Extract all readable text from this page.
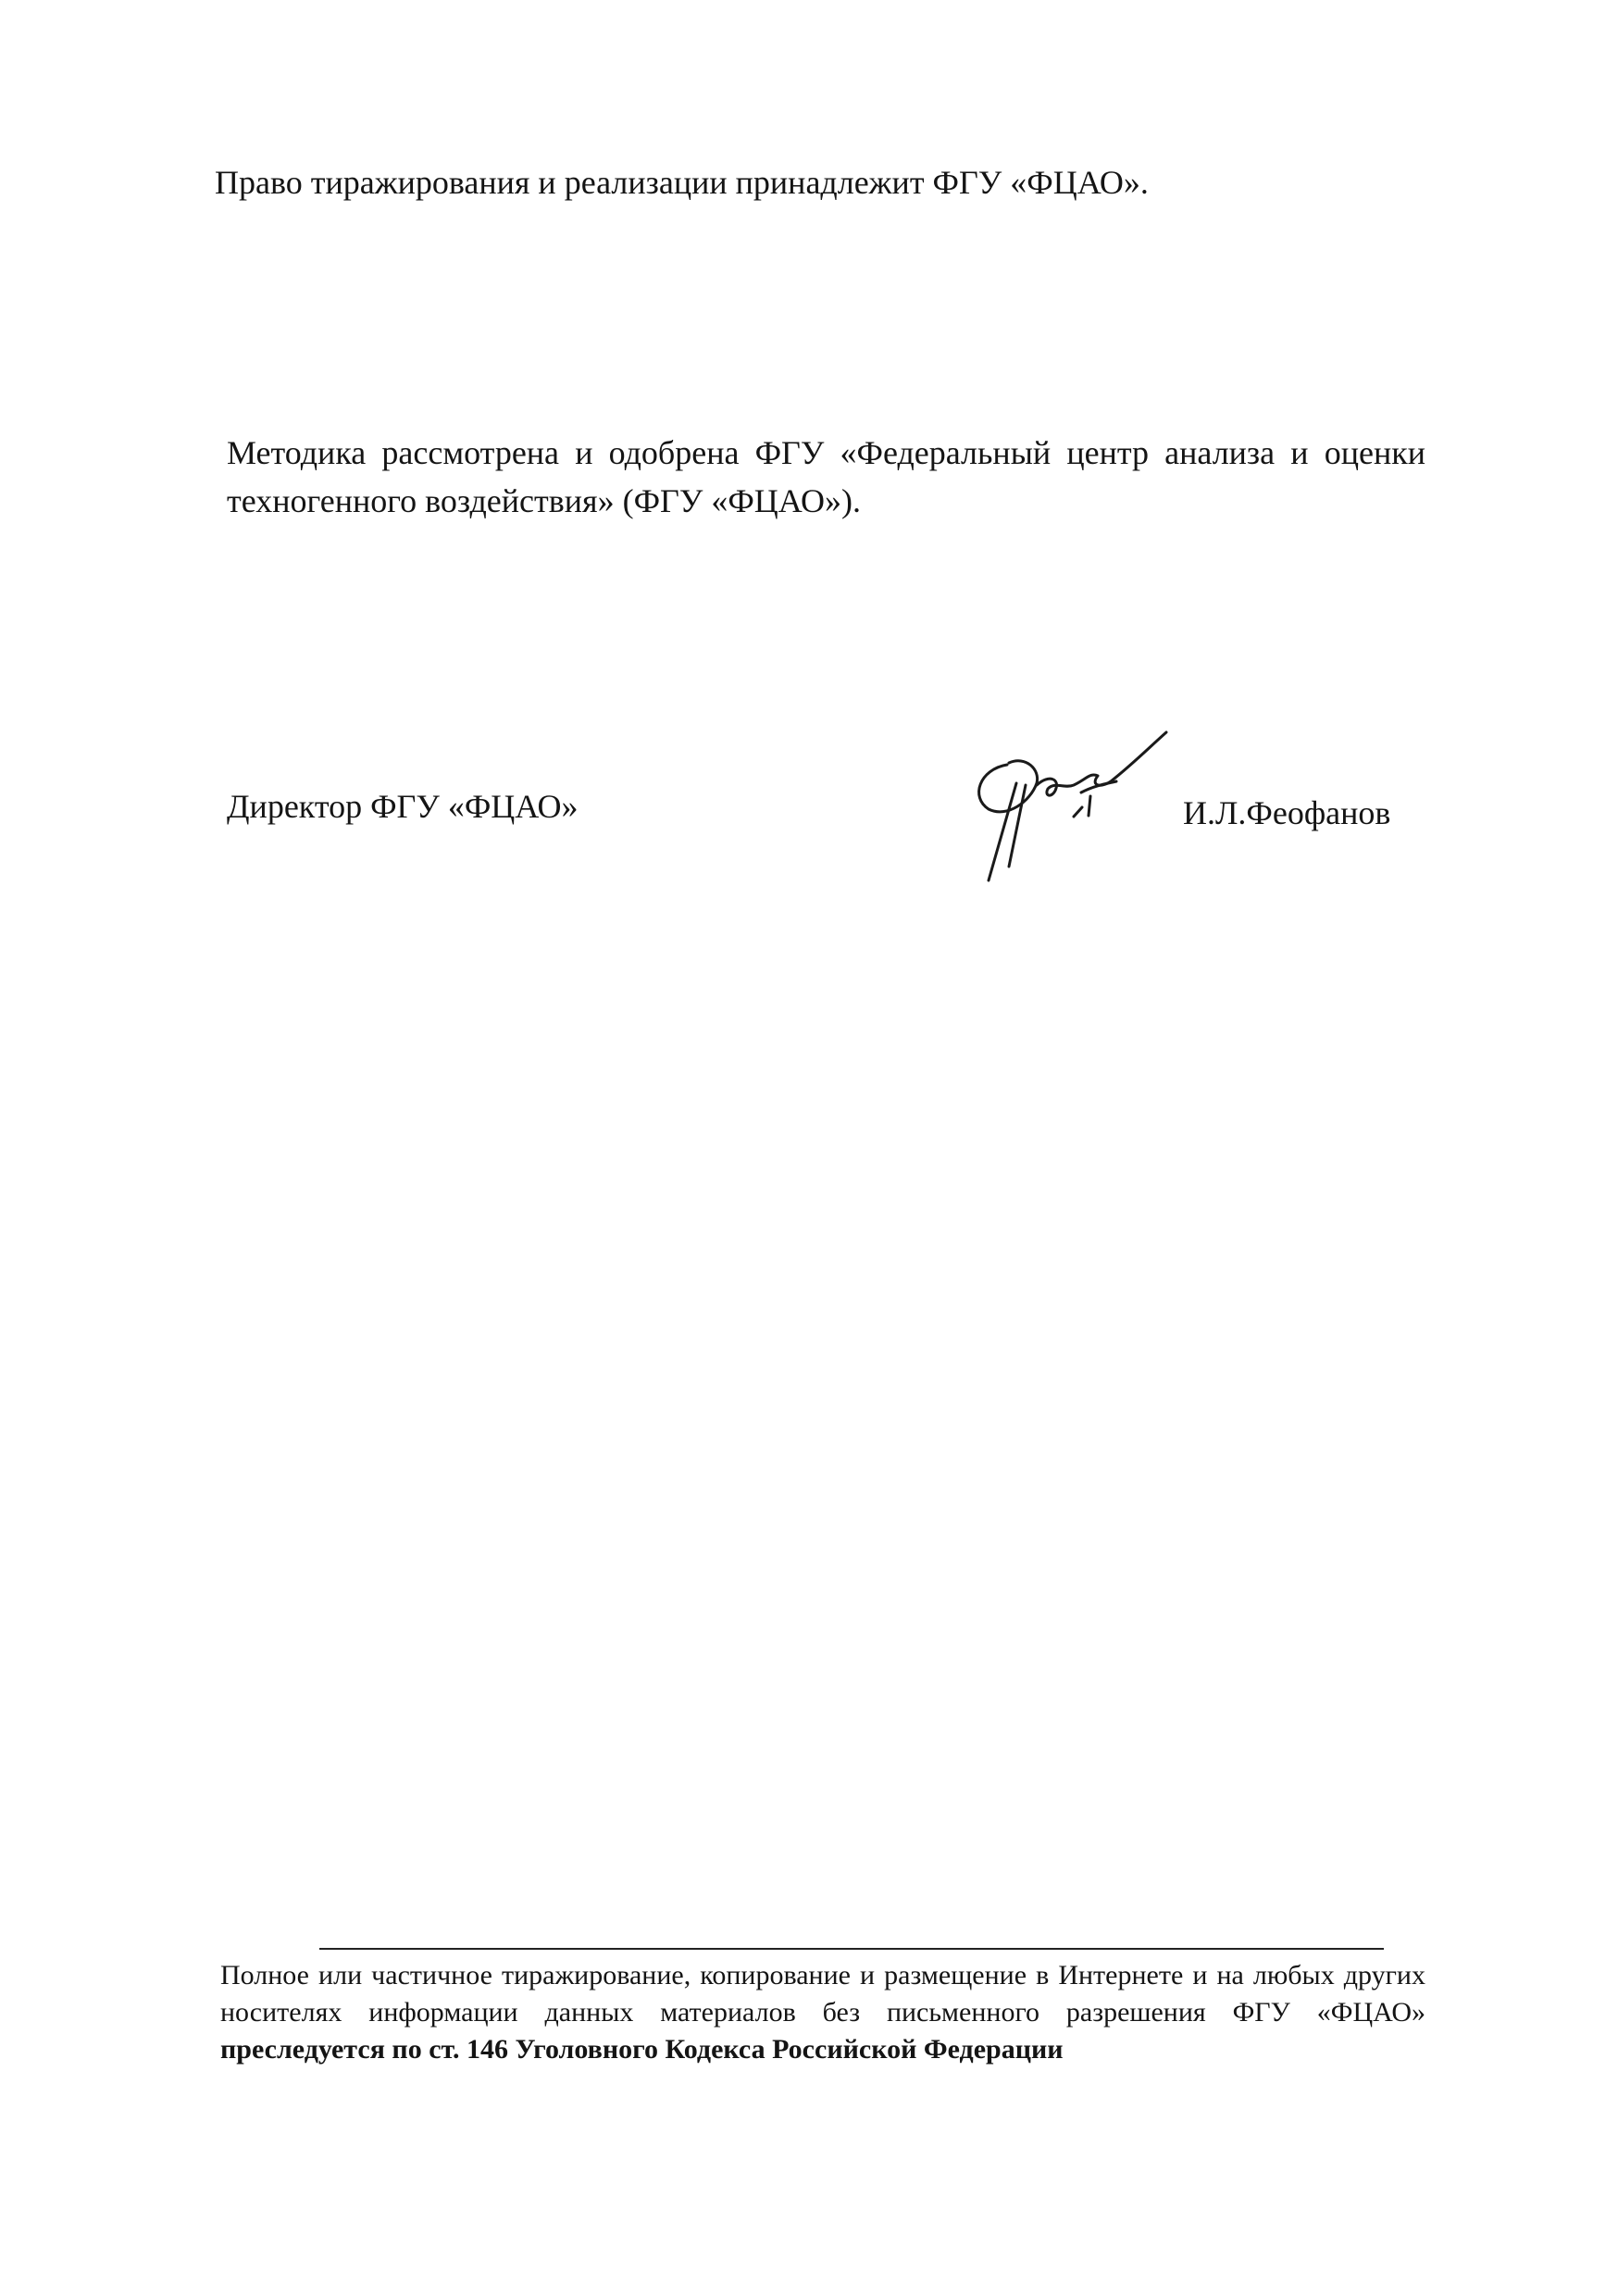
Право тиражирования и реализации принадлежит ФГУ «ФЦАО».
Методика рассмотрена и одобрена ФГУ «Федеральный центр анализа и оценки техногенного воздействия» (ФГУ «ФЦАО»).
Директор ФГУ «ФЦАО»	И.Л.Феофанов
Полное или частичное тиражирование, копирование и размещение в Интернете и на любых других носителях информации данных материалов без письменного разрешения ФГУ «ФЦАО» преследуется по ст. 146 Уголовного Кодекса Российской Федерации
